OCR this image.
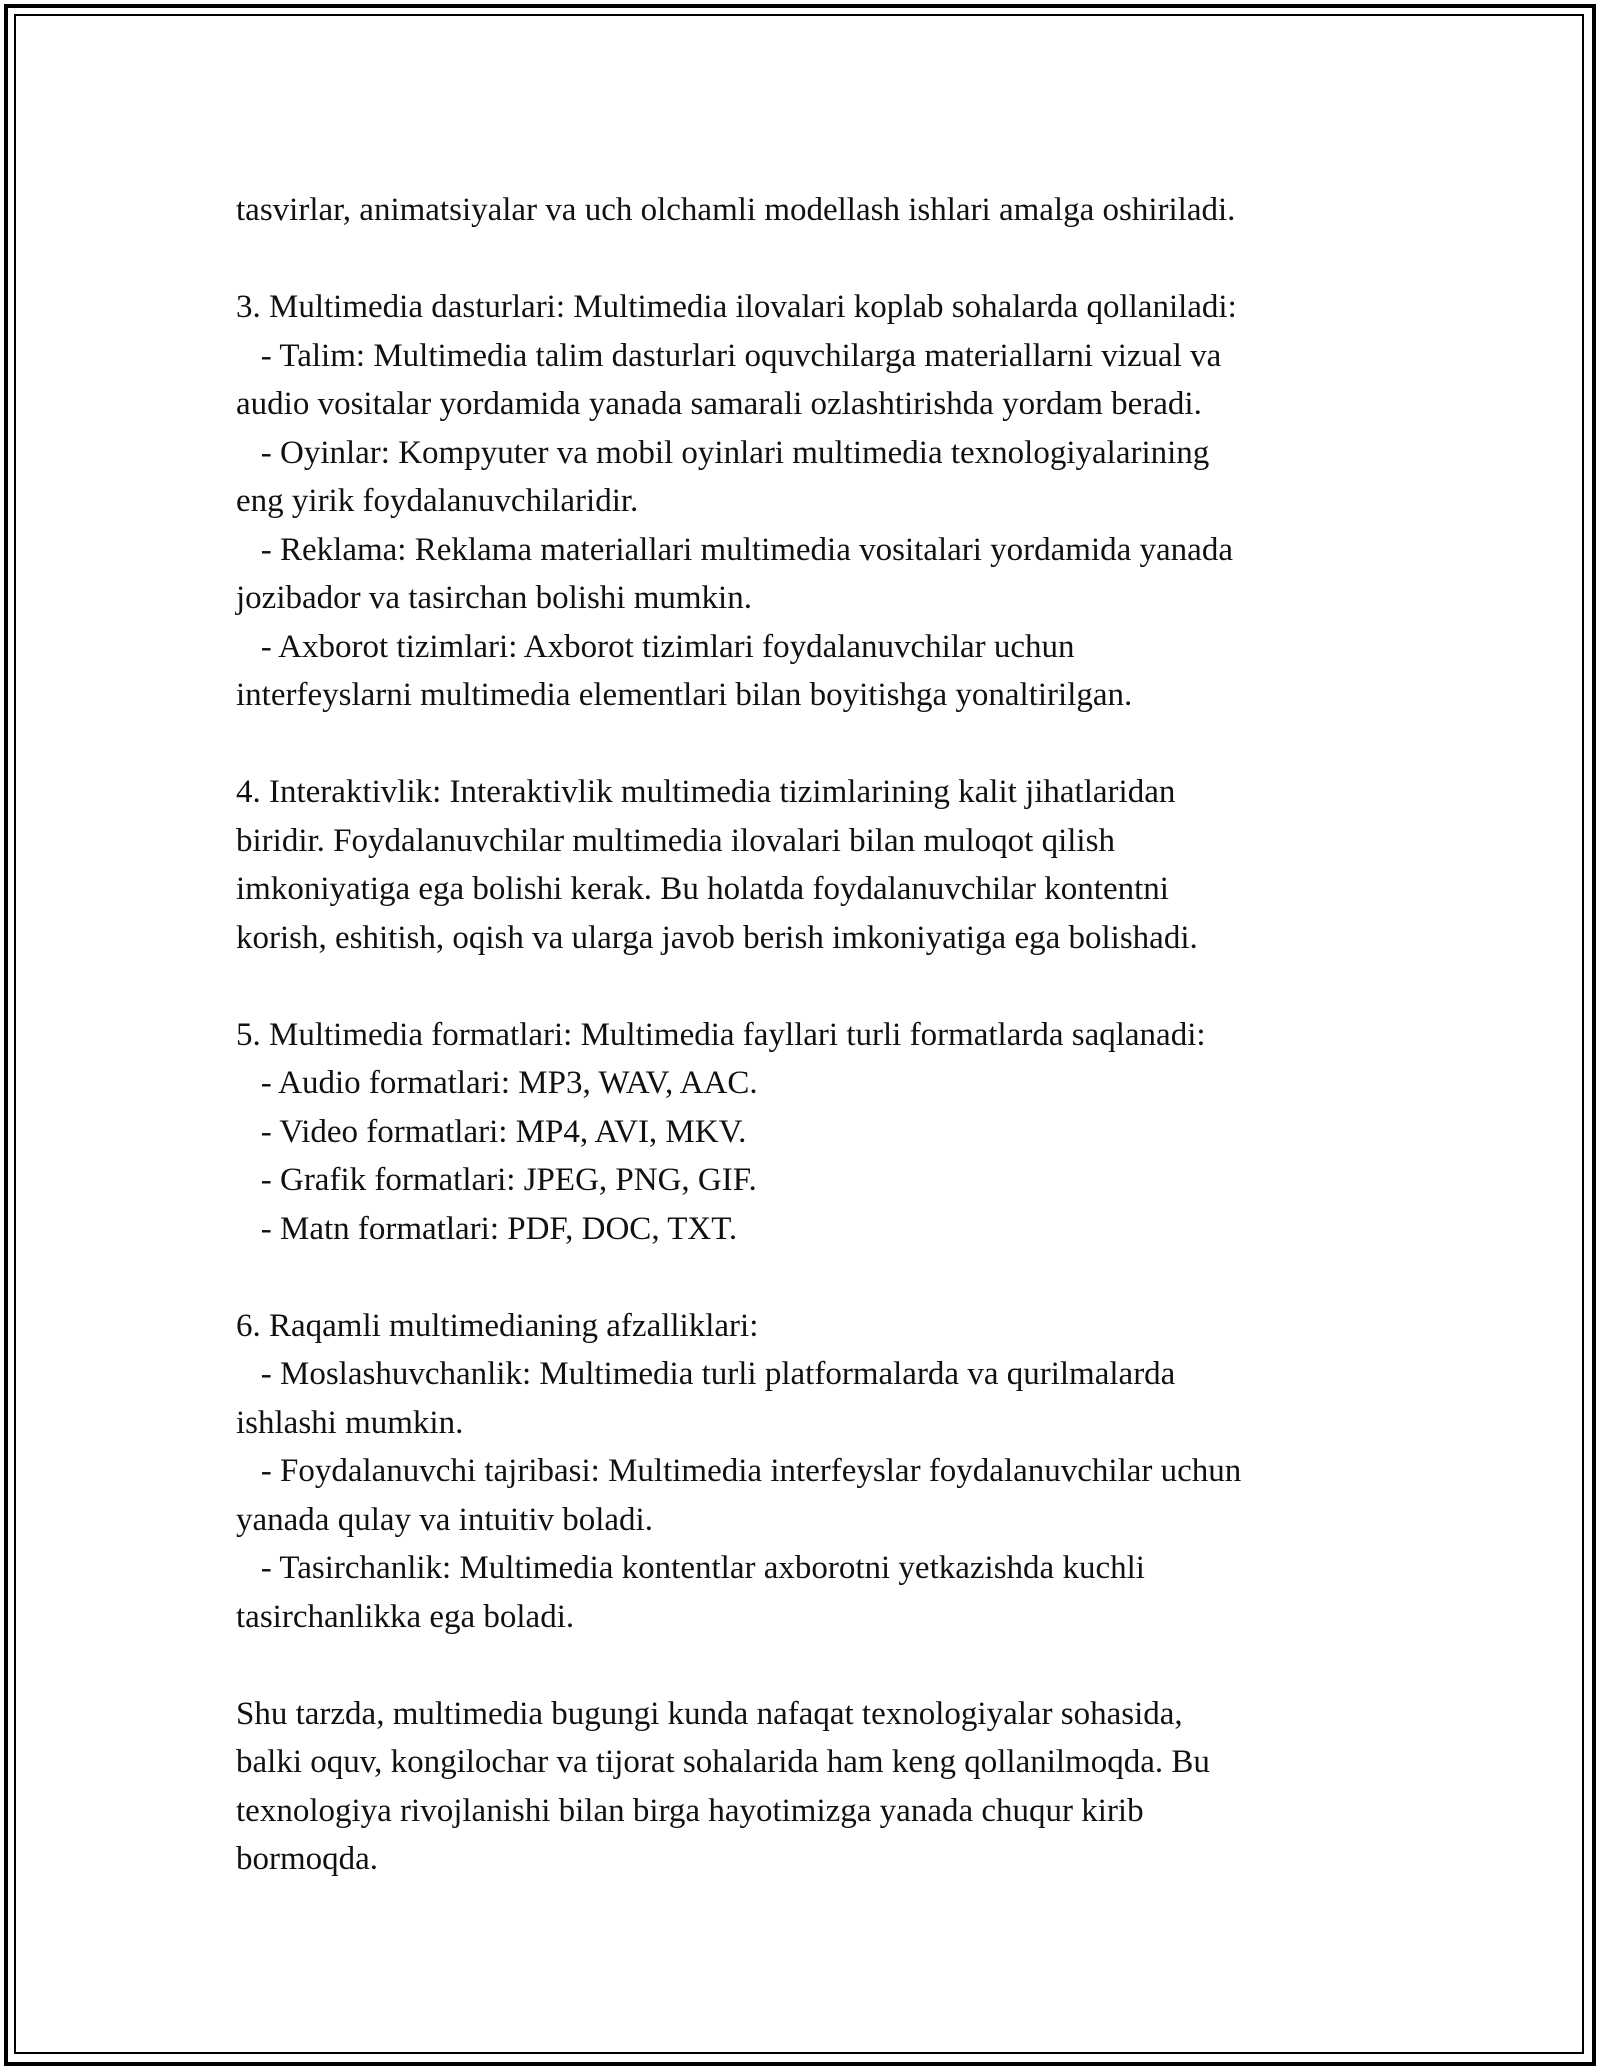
tasvirlar, animatsiyalar va uch olchamli modellash ishlari amalga oshiriladi.
3. Multimedia dasturlari: Multimedia ilovalari koplab sohalarda qollaniladi:
- Talim: Multimedia talim dasturlari oquvchilarga materiallarni vizual va
audio vositalar yordamida yanada samarali ozlashtirishda yordam beradi.
- Oyinlar: Kompyuter va mobil oyinlari multimedia texnologiyalarining
eng yirik foydalanuvchilaridir.
- Reklama: Reklama materiallari multimedia vositalari yordamida yanada
jozibador va tasirchan bolishi mumkin.
- Axborot tizimlari: Axborot tizimlari foydalanuvchilar uchun
interfeyslarni multimedia elementlari bilan boyitishga yonaltirilgan.
4. Interaktivlik: Interaktivlik multimedia tizimlarining kalit jihatlaridan
biridir. Foydalanuvchilar multimedia ilovalari bilan muloqot qilish
imkoniyatiga ega bolishi kerak. Bu holatda foydalanuvchilar kontentni
korish, eshitish, oqish va ularga javob berish imkoniyatiga ega bolishadi.
5. Multimedia formatlari: Multimedia fayllari turli formatlarda saqlanadi:
- Audio formatlari: MP3, WAV, AAC.
- Video formatlari: MP4, AVI, MKV.
- Grafik formatlari: JPEG, PNG, GIF.
- Matn formatlari: PDF, DOC, TXT.
6. Raqamli multimedianing afzalliklari:
- Moslashuvchanlik: Multimedia turli platformalarda va qurilmalarda
ishlashi mumkin.
- Foydalanuvchi tajribasi: Multimedia interfeyslar foydalanuvchilar uchun
yanada qulay va intuitiv boladi.
- Tasirchanlik: Multimedia kontentlar axborotni yetkazishda kuchli
tasirchanlikka ega boladi.
Shu tarzda, multimedia bugungi kunda nafaqat texnologiyalar sohasida,
balki oquv, kongilochar va tijorat sohalarida ham keng qollanilmoqda. Bu
texnologiya rivojlanishi bilan birga hayotimizga yanada chuqur kirib
bormoqda.
